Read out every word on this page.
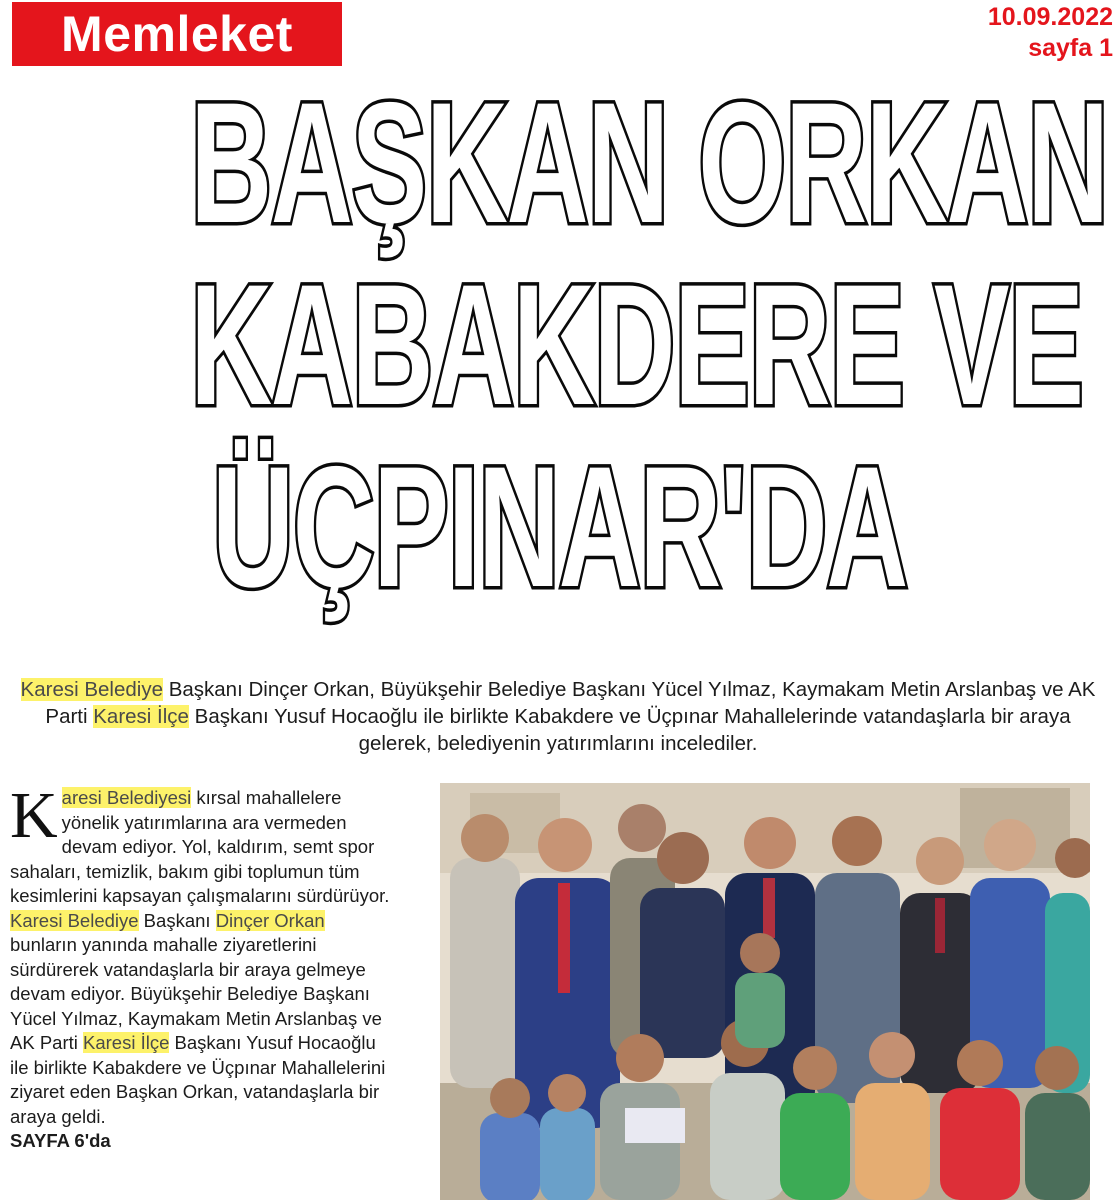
Memleket	10.09.2022
sayfa 1
BAŞKAN ORKAN
KABAKDERE VE
ÜÇPINAR'DA
Karesi Belediye Başkanı Dinçer Orkan, Büyükşehir Belediye Başkanı Yücel Yılmaz, Kaymakam Metin Arslanbaş ve AK Parti Karesi İlçe Başkanı Yusuf Hocaoğlu ile birlikte Kabakdere ve Üçpınar Mahallelerinde vatandaşlarla bir araya gelerek, belediyenin yatırımlarını incelediler.
Karesi Belediyesi kırsal mahallelere yönelik yatırımlarına ara vermeden devam ediyor. Yol, kaldırım, semt spor sahaları, temizlik, bakım gibi toplumun tüm kesimlerini kapsayan çalışmalarını sürdürüyor. Karesi Belediye Başkanı Dinçer Orkan bunların yanında mahalle ziyaretlerini sürdürerek vatandaşlarla bir araya gelmeye devam ediyor. Büyükşehir Belediye Başkanı Yücel Yılmaz, Kaymakam Metin Arslanbaş ve AK Parti Karesi İlçe Başkanı Yusuf Hocaoğlu ile birlikte Kabakdere ve Üçpınar Mahallelerini ziyaret eden Başkan Orkan, vatandaşlarla bir araya geldi.
SAYFA 6'da
